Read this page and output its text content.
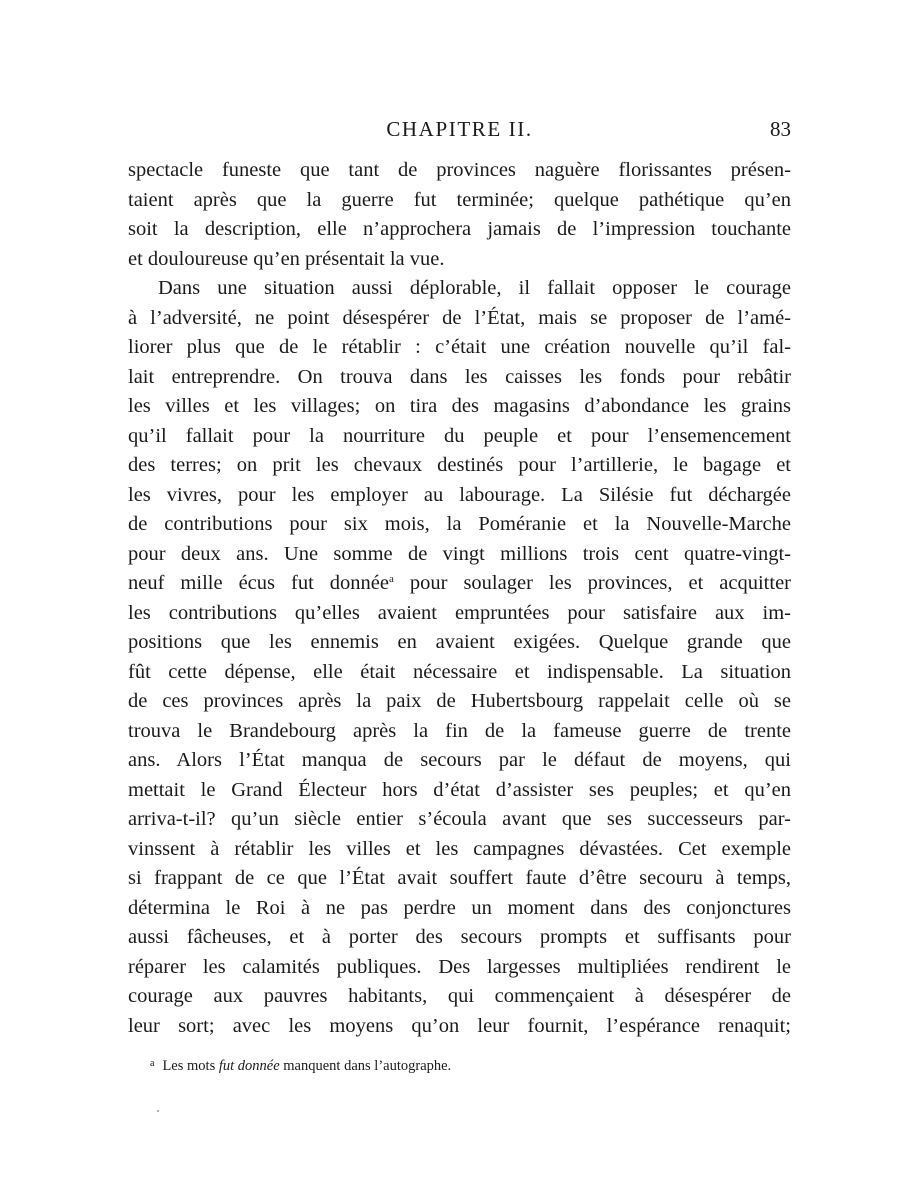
CHAPITRE II.	83
spectacle funeste que tant de provinces naguère florissantes présen-
taient après que la guerre fut terminée; quelque pathétique qu’en
soit la description, elle n’approchera jamais de l’impression touchante
et douloureuse qu’en présentait la vue.
Dans une situation aussi déplorable, il fallait opposer le courage
à l’adversité, ne point désespérer de l’État, mais se proposer de l’amé-
liorer plus que de le rétablir : c’était une création nouvelle qu’il fal-
lait entreprendre. On trouva dans les caisses les fonds pour rebâtir
les villes et les villages; on tira des magasins d’abondance les grains
qu’il fallait pour la nourriture du peuple et pour l’ensemencement
des terres; on prit les chevaux destinés pour l’artillerie, le bagage et
les vivres, pour les employer au labourage. La Silésie fut déchargée
de contributions pour six mois, la Poméranie et la Nouvelle-Marche
pour deux ans. Une somme de vingt millions trois cent quatre-vingt-
neuf mille écus fut donnée$^a$ pour soulager les provinces, et acquitter
les contributions qu’elles avaient empruntées pour satisfaire aux im-
positions que les ennemis en avaient exigées. Quelque grande que
fût cette dépense, elle était nécessaire et indispensable. La situation
de ces provinces après la paix de Hubertsbourg rappelait celle où se
trouva le Brandebourg après la fin de la fameuse guerre de trente
ans. Alors l’État manqua de secours par le défaut de moyens, qui
mettait le Grand Électeur hors d’état d’assister ses peuples; et qu’en
arriva-t-il? qu’un siècle entier s’écoula avant que ses successeurs par-
vinssent à rétablir les villes et les campagnes dévastées. Cet exemple
si frappant de ce que l’État avait souffert faute d’être secouru à temps,
détermina le Roi à ne pas perdre un moment dans des conjonctures
aussi fâcheuses, et à porter des secours prompts et suffisants pour
réparer les calamités publiques. Des largesses multipliées rendirent le
courage aux pauvres habitants, qui commençaient à désespérer de
leur sort; avec les moyens qu’on leur fournit, l’espérance renaquit;
$^a$ Les mots fut donnée manquent dans l’autographe.
